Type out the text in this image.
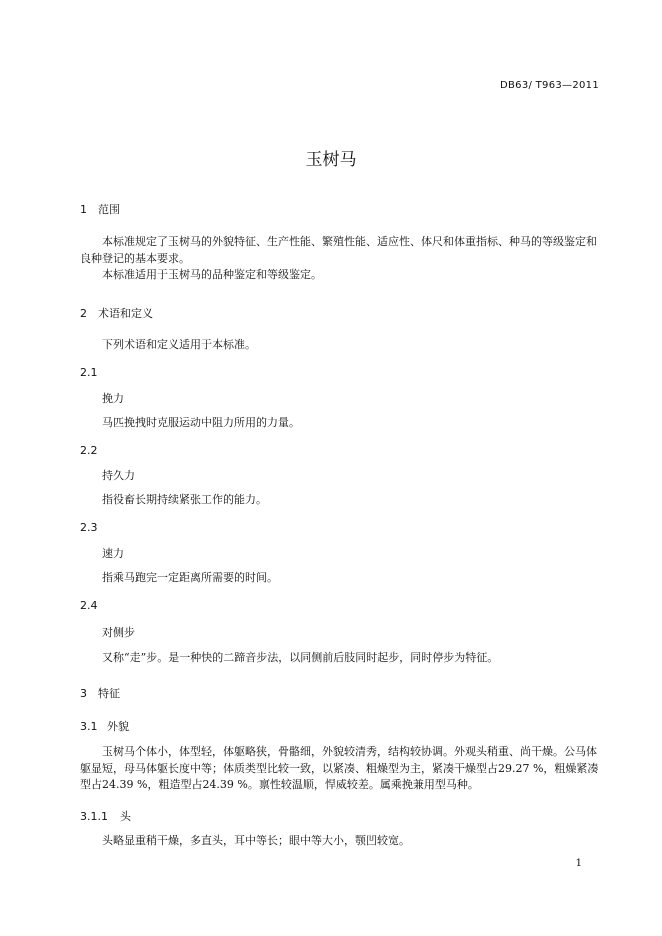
DB63/ T963—2011
玉树马
1 范围
本标准规定了玉树马的外貌特征、生产性能、繁殖性能、适应性、体尺和体重指标、种马的等级鉴定和良种登记的基本要求。
本标准适用于玉树马的品种鉴定和等级鉴定。
2 术语和定义
下列术语和定义适用于本标准。
2.1
挽力
马匹挽拽时克服运动中阻力所用的力量。
2.2
持久力
指役畜长期持续紧张工作的能力。
2.3
速力
指乘马跑完一定距离所需要的时间。
2.4
对侧步
又称“走”步。是一种快的二蹄音步法，以同侧前后肢同时起步，同时停步为特征。
3 特征
3.1 外貌
玉树马个体小，体型轻，体躯略狭，骨骼细，外貌较清秀，结构较协调。外观头稍重、尚干燥。公马体躯显短，母马体躯长度中等；体质类型比较一致，以紧凑、粗燥型为主，紧凑干燥型占29.27 %，粗燥紧凑型占24.39 %，粗造型占24.39 %。禀性较温顺，悍威较差。属乘挽兼用型马种。
3.1.1 头
头略显重稍干燥，多直头，耳中等长；眼中等大小，颚凹较宽。
1
